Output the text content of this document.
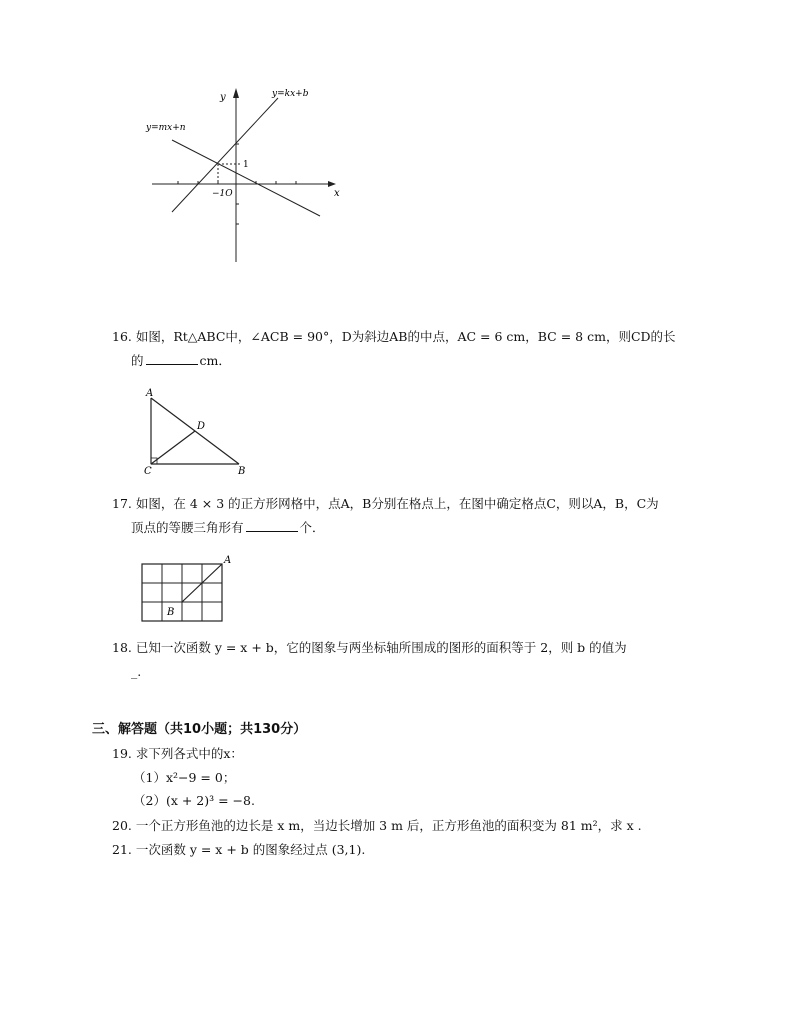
y
x
y=kx+b
y=mx+n
1
−1O
16. 如图，Rt△ABC中，∠ACB = 90°，D为斜边AB的中点，AC = 6 cm，BC = 8 cm，则CD的长
的	cm．
A
B
C
D
17. 如图，在 4 × 3 的正方形网格中，点A，B分别在格点上，在图中确定格点C，则以A，B，C为
顶点的等腰三角形有	个．
A
B
18. 已知一次函数 y = x + b，它的图象与两坐标轴所围成的图形的面积等于 2，则 b 的值为
_.
三、解答题（共10小题；共130分）
19. 求下列各式中的x：
（1）x²−9 = 0；
（2）(x + 2)³ = −8.
20. 一个正方形鱼池的边长是 x m，当边长增加 3 m 后，正方形鱼池的面积变为 81 m²，求 x .
21. 一次函数 y = x + b 的图象经过点 (3,1).
